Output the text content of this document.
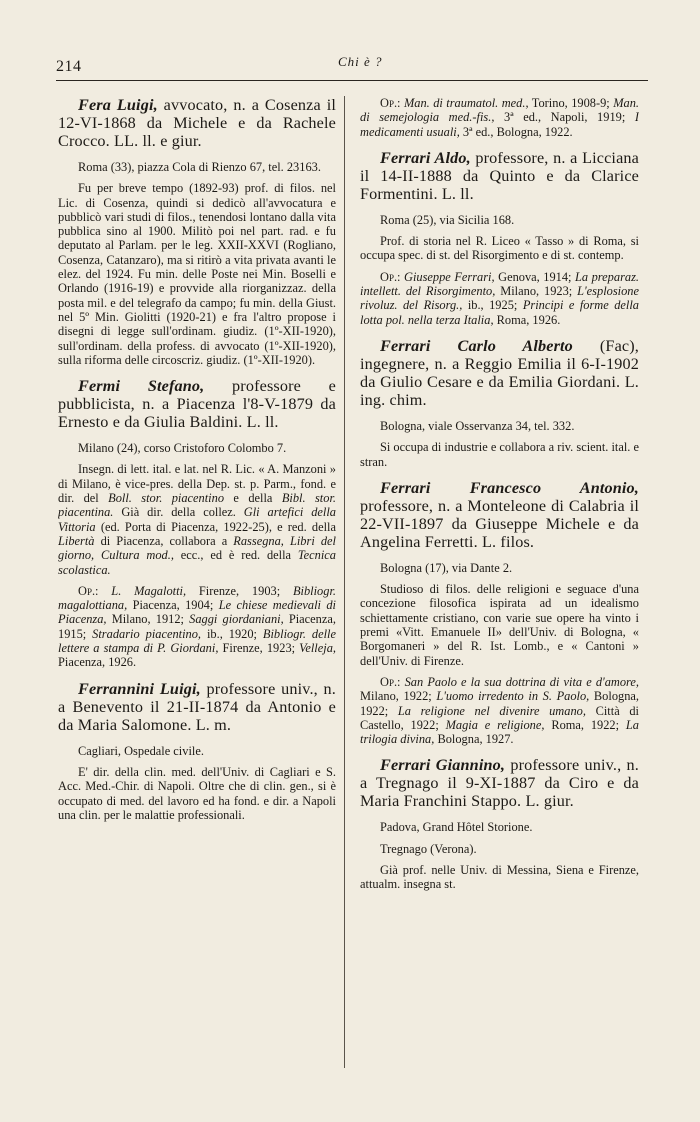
214	Chi è ?

Fera Luigi, avvocato, n. a Cosenza il 12-VI-1868 da Michele e da Rachele Crocco. LL. ll. e giur.

Roma (33), piazza Cola di Rienzo 67, tel. 23163.

Fu per breve tempo (1892-93) prof. di filos. nel Lic. di Cosenza, quindi si dedicò all'avvocatura e pubblicò vari studi di filos., tenendosi lontano dalla vita pubblica sino al 1900. Militò poi nel part. rad. e fu deputato al Parlam. per le leg. XXII-XXVI (Rogliano, Cosenza, Catanzaro), ma si ritirò a vita privata avanti le elez. del 1924. Fu min. delle Poste nei Min. Boselli e Orlando (1916-19) e provvide alla riorganizzaz. della posta mil. e del telegrafo da campo; fu min. della Giust. nel 5º Min. Giolitti (1920-21) e fra l'altro propose i disegni di legge sull'ordinam. giudiz. (1º-XII-1920), sull'ordinam. della profess. di avvocato (1º-XII-1920), sulla riforma delle circoscriz. giudiz. (1º-XII-1920).

Fermi Stefano, professore e pubblicista, n. a Piacenza l'8-V-1879 da Ernesto e da Giulia Baldini. L. ll.

Milano (24), corso Cristoforo Colombo 7.

Insegn. di lett. ital. e lat. nel R. Lic. « A. Manzoni » di Milano, è vice-pres. della Dep. st. p. Parm., fond. e dir. del Boll. stor. piacentino e della Bibl. stor. piacentina. Già dir. della collez. Gli artefici della Vittoria (ed. Porta di Piacenza, 1922-25), e red. della Libertà di Piacenza, collabora a Rassegna, Libri del giorno, Cultura mod., ecc., ed è red. della Tecnica scolastica.

Op.: L. Magalotti, Firenze, 1903; Bibliogr. magalottiana, Piacenza, 1904; Le chiese medievali di Piacenza, Milano, 1912; Saggi giordaniani, Piacenza, 1915; Stradario piacentino, ib., 1920; Bibliogr. delle lettere a stampa di P. Giordani, Firenze, 1923; Velleja, Piacenza, 1926.

Ferrannini Luigi, professore univ., n. a Benevento il 21-II-1874 da Antonio e da Maria Salomone. L. m.

Cagliari, Ospedale civile.

E' dir. della clin. med. dell'Univ. di Cagliari e S. Acc. Med.-Chir. di Napoli. Oltre che di clin. gen., si è occupato di med. del lavoro ed ha fond. e dir. a Napoli una clin. per le malattie professionali.

Op.: Man. di traumatol. med., Torino, 1908-9; Man. di semejologia med.-fis., 3ª ed., Napoli, 1919; I medicamenti usuali, 3ª ed., Bologna, 1922.

Ferrari Aldo, professore, n. a Licciana il 14-II-1888 da Quinto e da Clarice Formentini. L. ll.

Roma (25), via Sicilia 168.

Prof. di storia nel R. Liceo « Tasso » di Roma, si occupa spec. di st. del Risorgimento e di st. contemp.

Op.: Giuseppe Ferrari, Genova, 1914; La preparaz. intellett. del Risorgimento, Milano, 1923; L'esplosione rivoluz. del Risorg., ib., 1925; Principi e forme della lotta pol. nella terza Italia, Roma, 1926.

Ferrari Carlo Alberto (Fac), ingegnere, n. a Reggio Emilia il 6-I-1902 da Giulio Cesare e da Emilia Giordani. L. ing. chim.

Bologna, viale Osservanza 34, tel. 332.

Si occupa di industrie e collabora a riv. scient. ital. e stran.

Ferrari Francesco Antonio, professore, n. a Monteleone di Calabria il 22-VII-1897 da Giuseppe Michele e da Angelina Ferretti. L. filos.

Bologna (17), via Dante 2.

Studioso di filos. delle religioni e seguace d'una concezione filosofica ispirata ad un idealismo schiettamente cristiano, con varie sue opere ha vinto i premi «Vitt. Emanuele II» dell'Univ. di Bologna, « Borgomaneri » del R. Ist. Lomb., e « Cantoni » dell'Univ. di Firenze.

Op.: San Paolo e la sua dottrina di vita e d'amore, Milano, 1922; L'uomo irredento in S. Paolo, Bologna, 1922; La religione nel divenire umano, Città di Castello, 1922; Magia e religione, Roma, 1922; La trilogia divina, Bologna, 1927.

Ferrari Giannino, professore univ., n. a Tregnago il 9-XI-1887 da Ciro e da Maria Franchini Stappo. L. giur.

Padova, Grand Hôtel Storione.

Tregnago (Verona).

Già prof. nelle Univ. di Messina, Siena e Firenze, attualm. insegna st.
